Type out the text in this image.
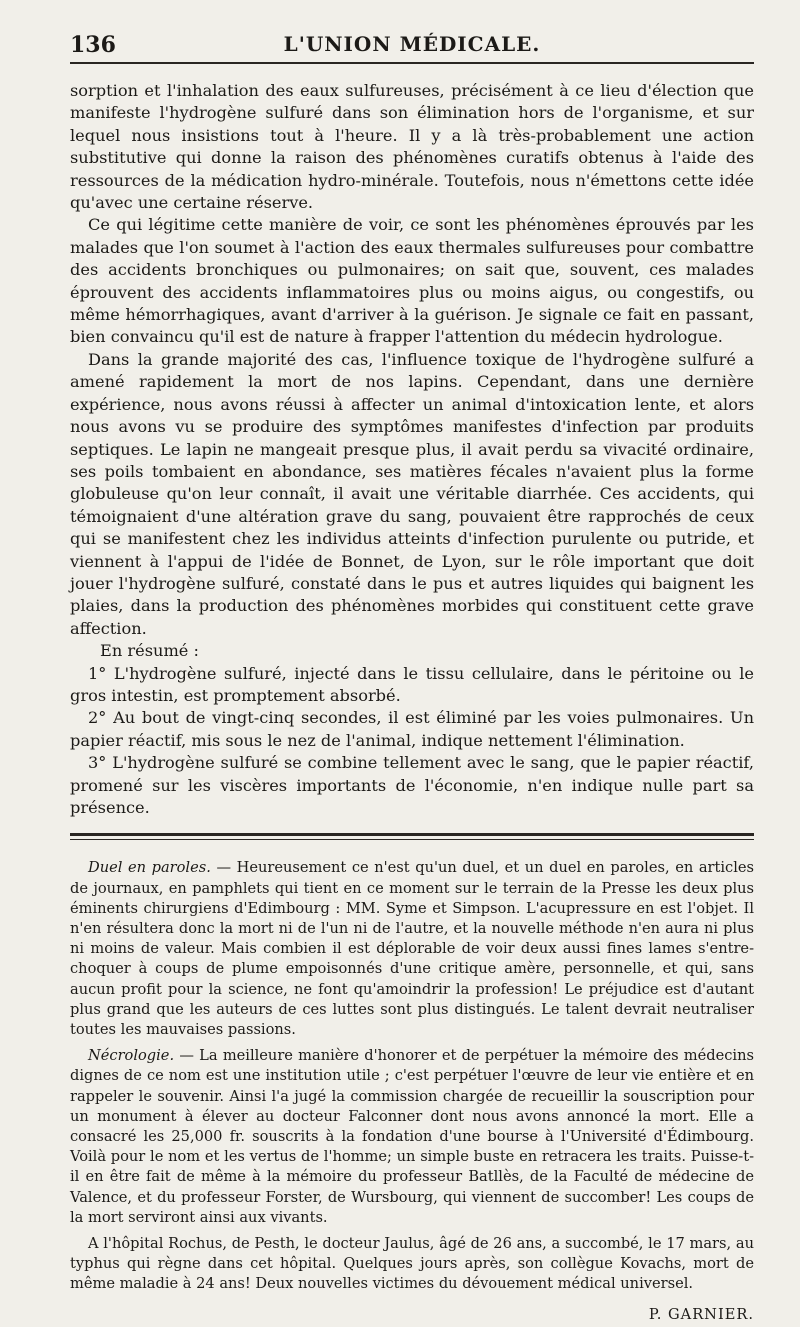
136	L'UNION MÉDICALE.

sorption et l'inhalation des eaux sulfureuses, précisément à ce lieu d'élection que manifeste l'hydrogène sulfuré dans son élimination hors de l'organisme, et sur lequel nous insistions tout à l'heure. Il y a là très-probablement une action substitutive qui donne la raison des phénomènes curatifs obtenus à l'aide des ressources de la médication hydro-minérale. Toutefois, nous n'émettons cette idée qu'avec une certaine réserve.

Ce qui légitime cette manière de voir, ce sont les phénomènes éprouvés par les malades que l'on soumet à l'action des eaux thermales sulfureuses pour combattre des accidents bronchiques ou pulmonaires; on sait que, souvent, ces malades éprouvent des accidents inflammatoires plus ou moins aigus, ou congestifs, ou même hémorrhagiques, avant d'arriver à la guérison. Je signale ce fait en passant, bien convaincu qu'il est de nature à frapper l'attention du médecin hydrologue.

Dans la grande majorité des cas, l'influence toxique de l'hydrogène sulfuré a amené rapidement la mort de nos lapins. Cependant, dans une dernière expérience, nous avons réussi à affecter un animal d'intoxication lente, et alors nous avons vu se produire des symptômes manifestes d'infection par produits septiques. Le lapin ne mangeait presque plus, il avait perdu sa vivacité ordinaire, ses poils tombaient en abondance, ses matières fécales n'avaient plus la forme globuleuse qu'on leur connaît, il avait une véritable diarrhée. Ces accidents, qui témoignaient d'une altération grave du sang, pouvaient être rapprochés de ceux qui se manifestent chez les individus atteints d'infection purulente ou putride, et viennent à l'appui de l'idée de Bonnet, de Lyon, sur le rôle important que doit jouer l'hydrogène sulfuré, constaté dans le pus et autres liquides qui baignent les plaies, dans la production des phénomènes morbides qui constituent cette grave affection.

En résumé :

1° L'hydrogène sulfuré, injecté dans le tissu cellulaire, dans le péritoine ou le gros intestin, est promptement absorbé.

2° Au bout de vingt-cinq secondes, il est éliminé par les voies pulmonaires. Un papier réactif, mis sous le nez de l'animal, indique nettement l'élimination.

3° L'hydrogène sulfuré se combine tellement avec le sang, que le papier réactif, promené sur les viscères importants de l'économie, n'en indique nulle part sa présence.

Duel en paroles. — Heureusement ce n'est qu'un duel, et un duel en paroles, en articles de journaux, en pamphlets qui tient en ce moment sur le terrain de la Presse les deux plus éminents chirurgiens d'Edimbourg : MM. Syme et Simpson. L'acupressure en est l'objet. Il n'en résultera donc la mort ni de l'un ni de l'autre, et la nouvelle méthode n'en aura ni plus ni moins de valeur. Mais combien il est déplorable de voir deux aussi fines lames s'entre-choquer à coups de plume empoisonnés d'une critique amère, personnelle, et qui, sans aucun profit pour la science, ne font qu'amoindrir la profession! Le préjudice est d'autant plus grand que les auteurs de ces luttes sont plus distingués. Le talent devrait neutraliser toutes les mauvaises passions.

Nécrologie. — La meilleure manière d'honorer et de perpétuer la mémoire des médecins dignes de ce nom est une institution utile ; c'est perpétuer l'œuvre de leur vie entière et en rappeler le souvenir. Ainsi l'a jugé la commission chargée de recueillir la souscription pour un monument à élever au docteur Falconner dont nous avons annoncé la mort. Elle a consacré les 25,000 fr. souscrits à la fondation d'une bourse à l'Université d'Édimbourg. Voilà pour le nom et les vertus de l'homme; un simple buste en retracera les traits. Puisse-t-il en être fait de même à la mémoire du professeur Batllès, de la Faculté de médecine de Valence, et du professeur Forster, de Wursbourg, qui viennent de succomber! Les coups de la mort serviront ainsi aux vivants.

A l'hôpital Rochus, de Pesth, le docteur Jaulus, âgé de 26 ans, a succombé, le 17 mars, au typhus qui règne dans cet hôpital. Quelques jours après, son collègue Kovachs, mort de même maladie à 24 ans! Deux nouvelles victimes du dévouement médical universel.

P. GARNIER.
